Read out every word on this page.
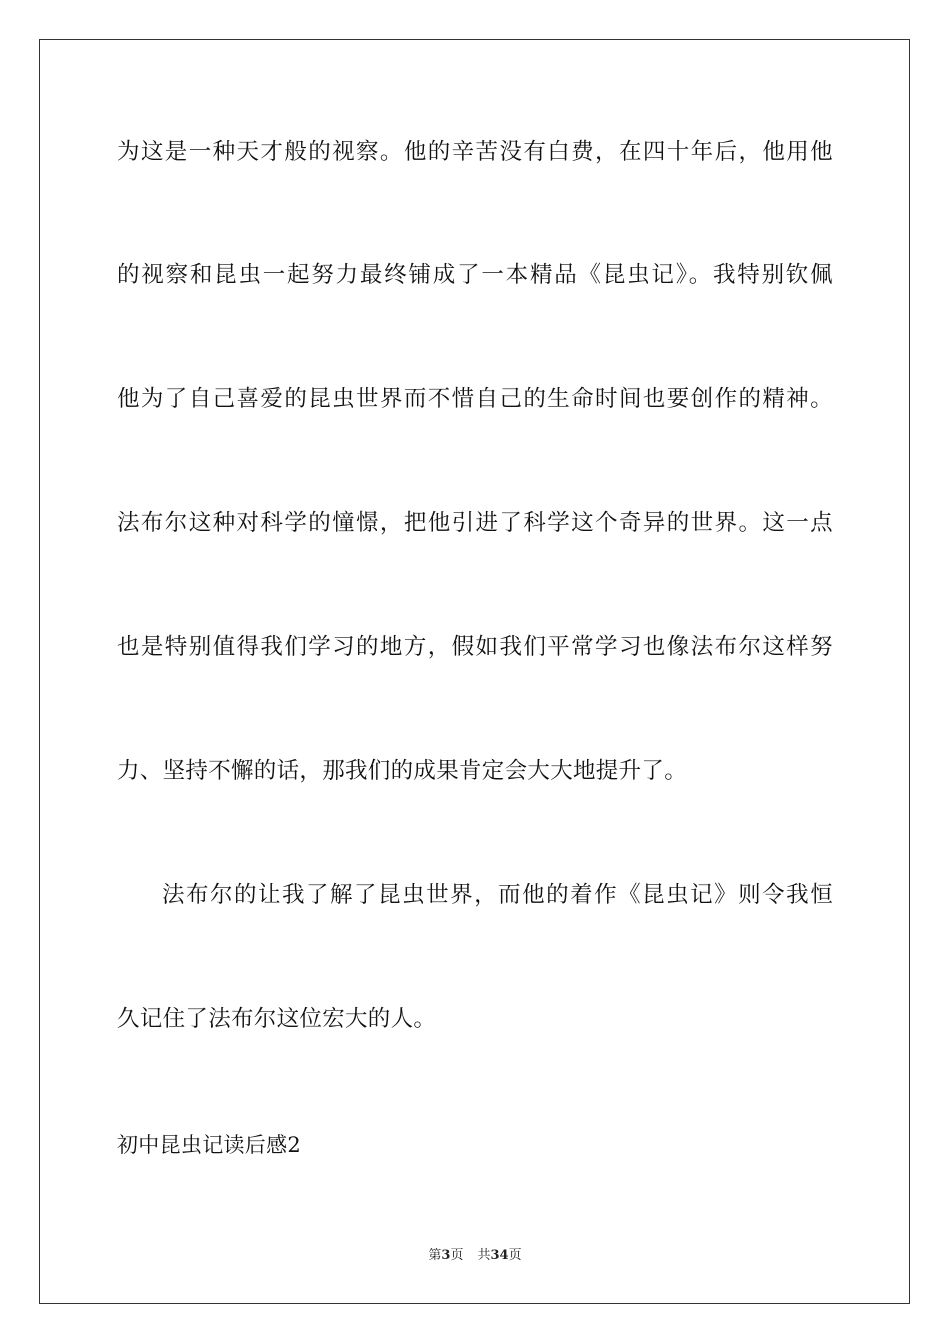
为这是一种天才般的视察。他的辛苦没有白费，在四十年后，他用他
的视察和昆虫一起努力最终铺成了一本精品《昆虫记》。我特别钦佩
他为了自己喜爱的昆虫世界而不惜自己的生命时间也要创作的精神。
法布尔这种对科学的憧憬，把他引进了科学这个奇异的世界。这一点
也是特别值得我们学习的地方，假如我们平常学习也像法布尔这样努
力、坚持不懈的话，那我们的成果肯定会大大地提升了。
法布尔的让我了解了昆虫世界，而他的着作《昆虫记》则令我恒
久记住了法布尔这位宏大的人。
初中昆虫记读后感2
第3页 共34页
